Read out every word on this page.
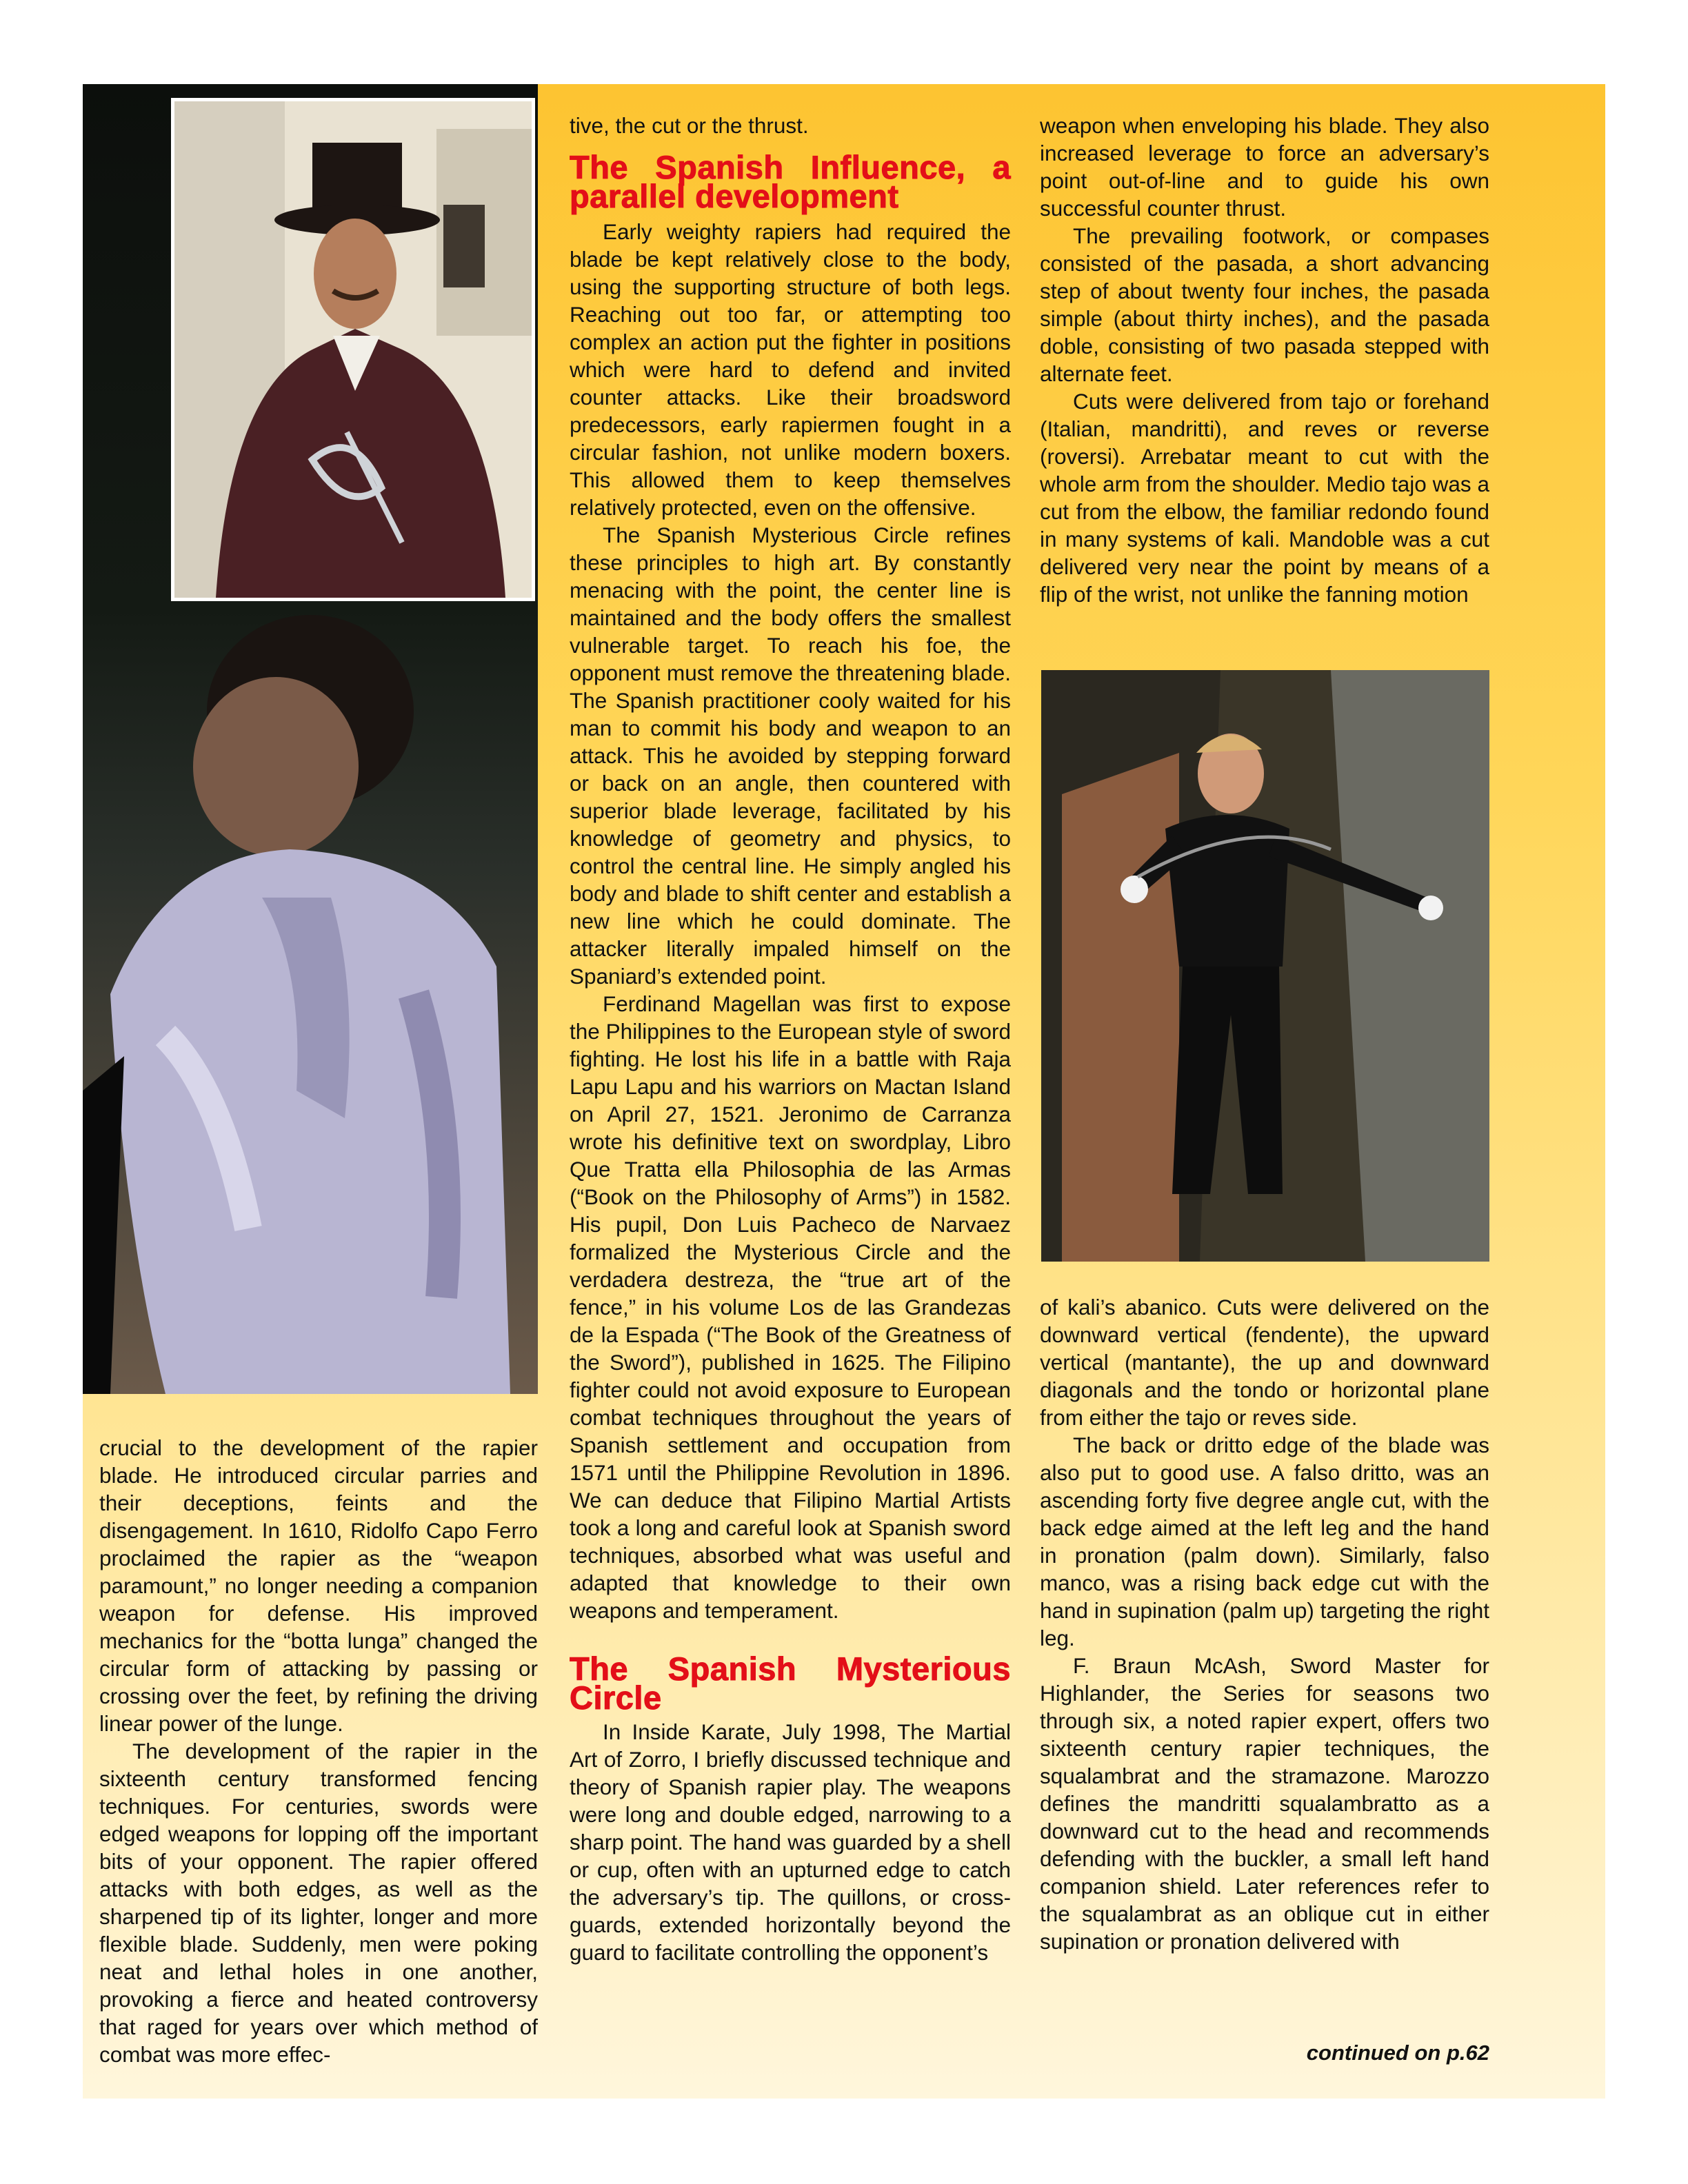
crucial to the development of the rapier blade. He introduced circular parries and their deceptions, feints and the disengagement. In 1610, Ridolfo Capo Ferro proclaimed the rapier as the “weapon paramount,” no longer needing a companion weapon for defense. His improved mechanics for the “botta lunga” changed the circular form of attacking by passing or crossing over the feet, by refining the driving linear power of the lunge.

The development of the rapier in the sixteenth century transformed fencing techniques. For centuries, swords were edged weapons for lopping off the important bits of your opponent. The rapier offered attacks with both edges, as well as the sharpened tip of its lighter, longer and more flexible blade. Suddenly, men were poking neat and lethal holes in one another, provoking a fierce and heated controversy that raged for years over which method of combat was more effec-

tive, the cut or the thrust.

The Spanish Influence, a parallel development

Early weighty rapiers had required the blade be kept relatively close to the body, using the supporting structure of both legs. Reaching out too far, or attempting too complex an action put the fighter in positions which were hard to defend and invited counter attacks. Like their broadsword predecessors, early rapiermen fought in a circular fashion, not unlike modern boxers. This allowed them to keep themselves relatively protected, even on the offensive.

The Spanish Mysterious Circle refines these principles to high art. By constantly menacing with the point, the center line is maintained and the body offers the smallest vulnerable target. To reach his foe, the opponent must remove the threatening blade. The Spanish practitioner cooly waited for his man to commit his body and weapon to an attack. This he avoided by stepping forward or back on an angle, then countered with superior blade leverage, facilitated by his knowledge of geometry and physics, to control the central line. He simply angled his body and blade to shift center and establish a new line which he could dominate. The attacker literally impaled himself on the Spaniard’s extended point.

Ferdinand Magellan was first to expose the Philippines to the European style of sword fighting. He lost his life in a battle with Raja Lapu Lapu and his warriors on Mactan Island on April 27, 1521. Jeronimo de Carranza wrote his definitive text on swordplay, Libro Que Tratta ella Philosophia de las Armas (“Book on the Philosophy of Arms”) in 1582. His pupil, Don Luis Pacheco de Narvaez formalized the Mysterious Circle and the verdadera destreza, the “true art of the fence,” in his volume Los de las Grandezas de la Espada (“The Book of the Greatness of the Sword”), published in 1625. The Filipino fighter could not avoid exposure to European combat techniques throughout the years of Spanish settlement and occupation from 1571 until the Philippine Revolution in 1896. We can deduce that Filipino Martial Artists took a long and careful look at Spanish sword techniques, absorbed what was useful and adapted that knowledge to their own weapons and temperament.

The Spanish Mysterious Circle

In Inside Karate, July 1998, The Martial Art of Zorro, I briefly discussed technique and theory of Spanish rapier play. The weapons were long and double edged, narrowing to a sharp point. The hand was guarded by a shell or cup, often with an upturned edge to catch the adversary’s tip. The quillons, or cross-guards, extended horizontally beyond the guard to facilitate controlling the opponent’s

weapon when enveloping his blade. They also increased leverage to force an adversary’s point out-of-line and to guide his own successful counter thrust.

The prevailing footwork, or compases consisted of the pasada, a short advancing step of about twenty four inches, the pasada simple (about thirty inches), and the pasada doble, consisting of two pasada stepped with alternate feet.

Cuts were delivered from tajo or forehand (Italian, mandritti), and reves or reverse (roversi). Arrebatar meant to cut with the whole arm from the shoulder. Medio tajo was a cut from the elbow, the familiar redondo found in many systems of kali. Mandoble was a cut delivered very near the point by means of a flip of the wrist, not unlike the fanning motion

of kali’s abanico. Cuts were delivered on the downward vertical (fendente), the upward vertical (mantante), the up and downward diagonals and the tondo or horizontal plane from either the tajo or reves side.

The back or dritto edge of the blade was also put to good use. A falso dritto, was an ascending forty five degree angle cut, with the back edge aimed at the left leg and the hand in pronation (palm down). Similarly, falso manco, was a rising back edge cut with the hand in supination (palm up) targeting the right leg.

F. Braun McAsh, Sword Master for Highlander, the Series for seasons two through six, a noted rapier expert, offers two sixteenth century rapier techniques, the squalambrat and the stramazone. Marozzo defines the mandritti squalambratto as a downward cut to the head and recommends defending with the buckler, a small left hand companion shield. Later references refer to the squalambrat as an oblique cut in either supination or pronation delivered with

continued on p.62
